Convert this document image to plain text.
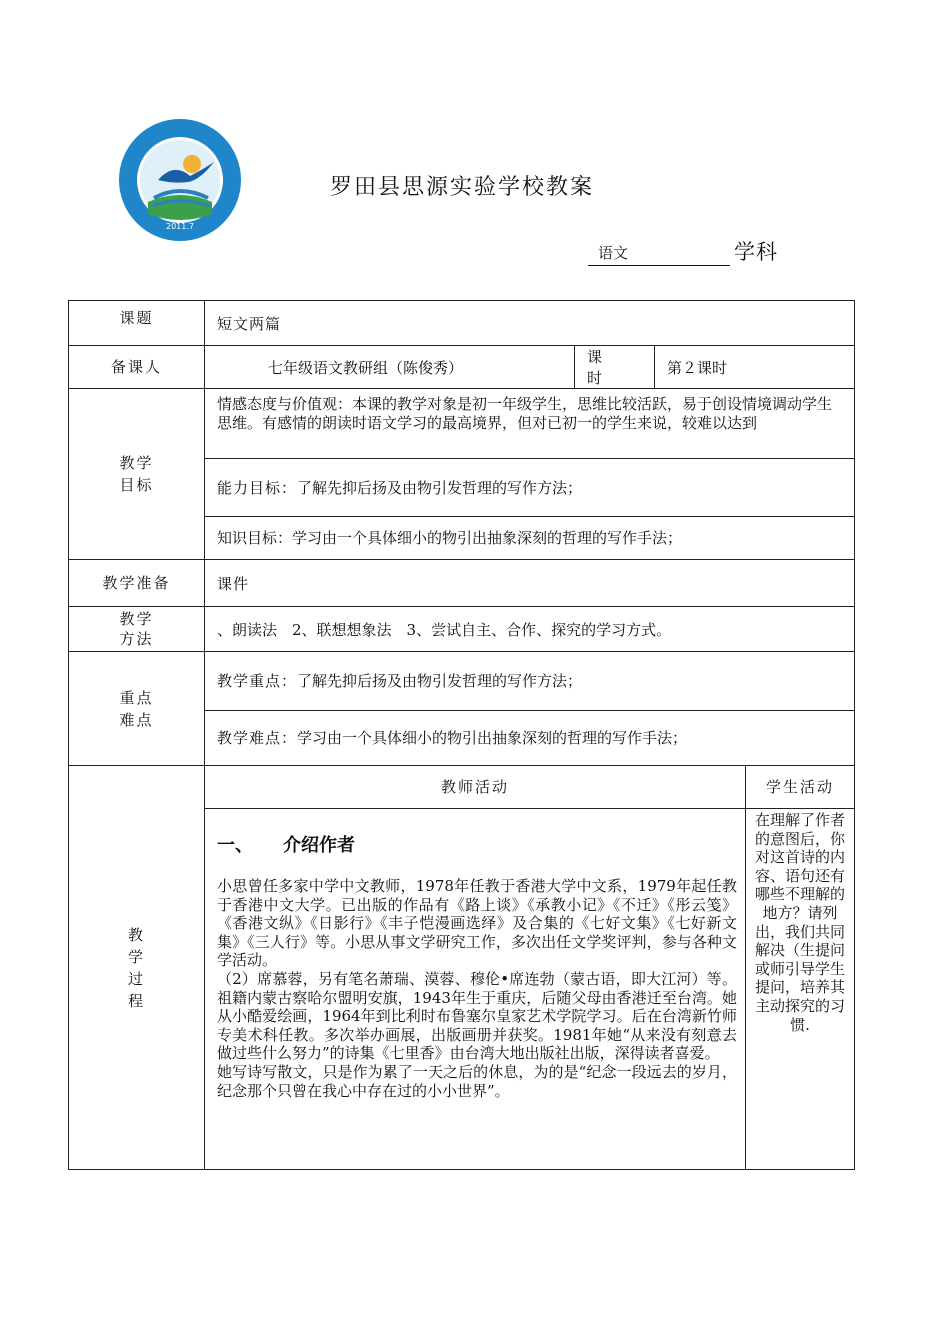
2011.7
罗田县思源实验学校教案
语文	学科
课题	短文两篇
备课人	七年级语文教研组（陈俊秀）	课　　时	第２课时

教学
目标

情感态度与价值观：本课的教学对象是初一年级学生，思维比较活跃，易于创设情境调动学生思维。有感情的朗读时语文学习的最高境界，但对已初一的学生来说，较难以达到
能力目标：了解先抑后扬及由物引发哲理的写作方法；
知识目标：学习由一个具体细小的物引出抽象深刻的哲理的写作手法；

教学准备	课件

教学
方法
	、朗读法　2、联想想象法　3、尝试自主、合作、探究的学习方式。

重点
难点

教学重点：了解先抑后扬及由物引发哲理的写作方法；
教学难点：学习由一个具体细小的物引出抽象深刻的哲理的写作手法；

教
学
过
程
	教师活动	学生活动

一、 介绍作者
小思曾任多家中学中文教师，1978年任教于香港大学中文系，1979年起任教于香港中文大学。已出版的作品有《路上谈》《承教小记》《不迁》《彤云笺》《香港文纵》《日影行》《丰子恺漫画选绎》及合集的《七好文集》《七好新文集》《三人行》等。小思从事文学研究工作，多次出任文学奖评判，参与各种文学活动。
（2）席慕蓉，另有笔名萧瑞、漠蓉、穆伦•席连勃（蒙古语，即大江河）等。祖籍内蒙古察哈尔盟明安旗，1943年生于重庆，后随父母由香港迁至台湾。她从小酷爱绘画，1964年到比利时布鲁塞尔皇家艺术学院学习。后在台湾新竹师专美术科任教。多次举办画展，出版画册并获奖。1981年她“从来没有刻意去做过些什么努力”的诗集《七里香》由台湾大地出版社出版，深得读者喜爱。
她写诗写散文，只是作为累了一天之后的休息，为的是“纪念一段远去的岁月，纪念那个只曾在我心中存在过的小小世界”。
	在理解了作者的意图后，你对这首诗的内容、语句还有哪些不理解的地方？请列出，我们共同解决（生提问或师引导学生提问，培养其主动探究的习惯.
